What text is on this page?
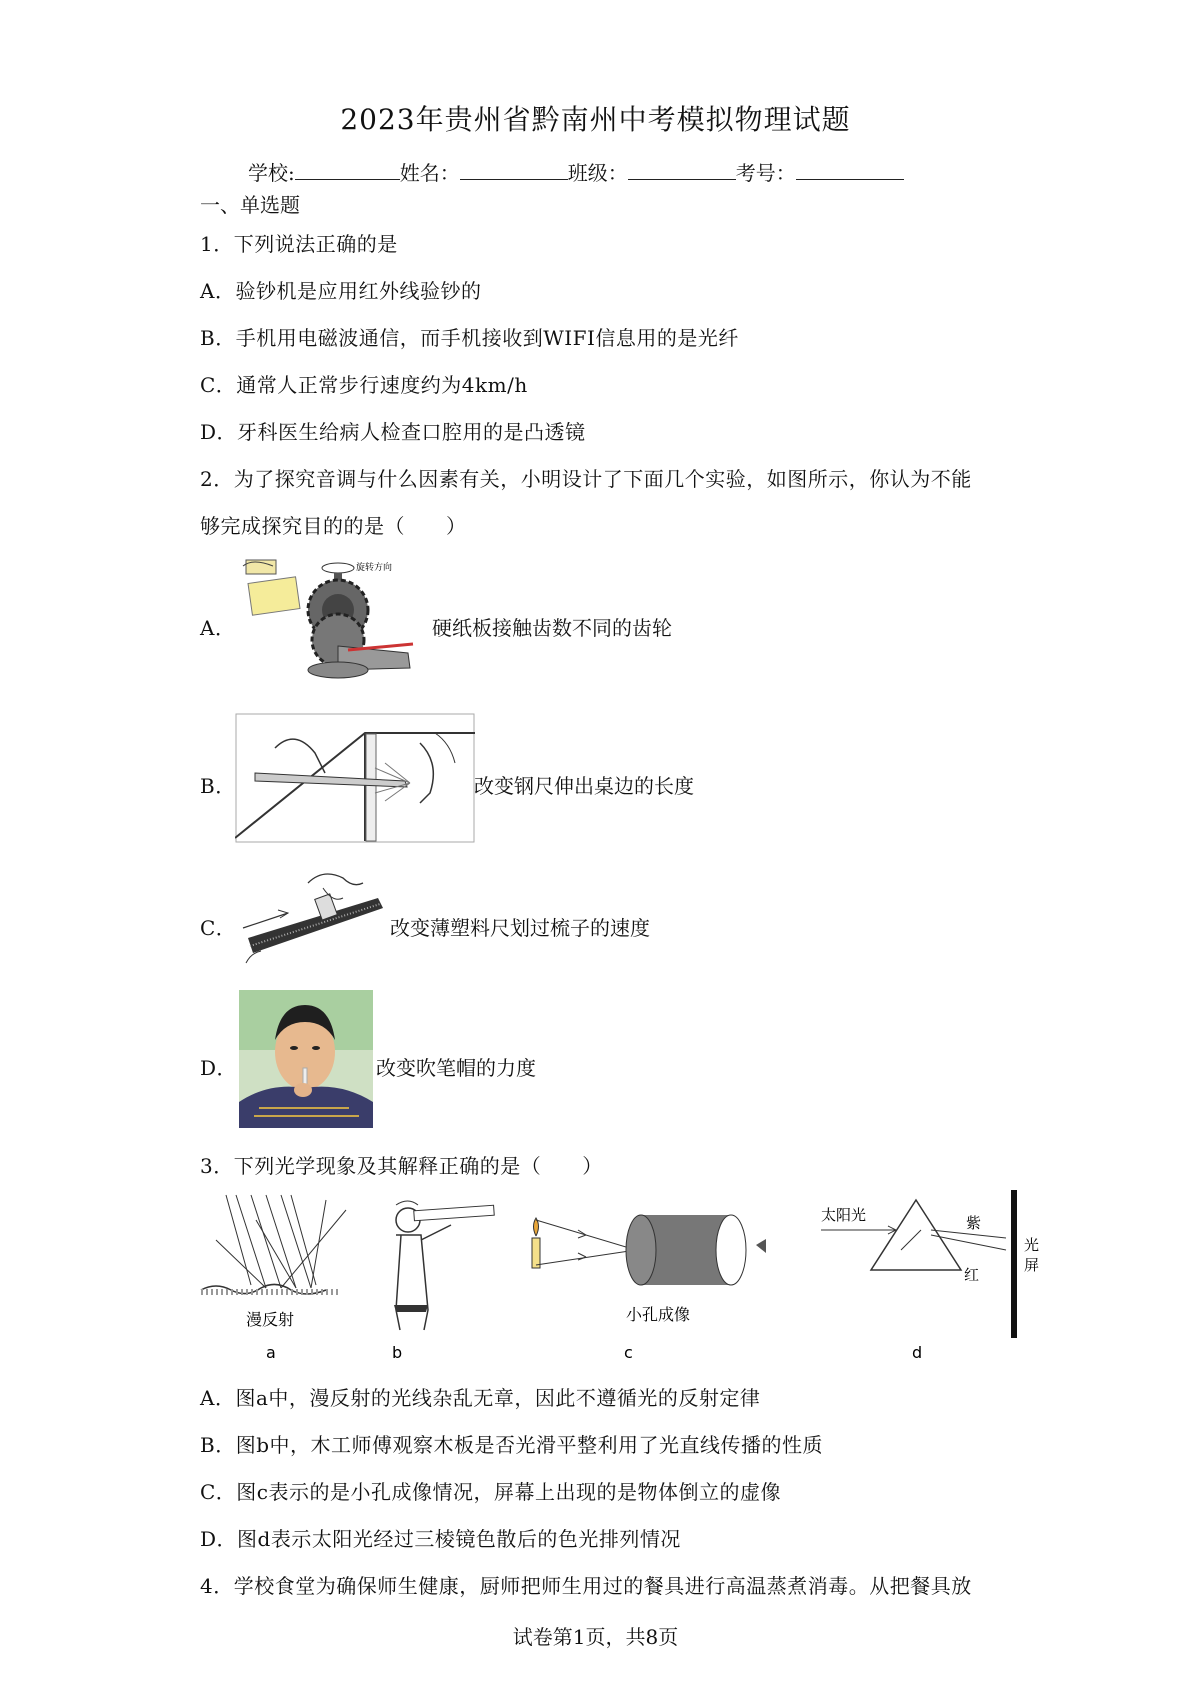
2023年贵州省黔南州中考模拟物理试题
学校:	姓名：	班级：	考号：
一、单选题
1．下列说法正确的是
A．验钞机是应用红外线验钞的
B．手机用电磁波通信，而手机接收到WIFI信息用的是光纤
C．通常人正常步行速度约为4km/h
D．牙科医生给病人检查口腔用的是凸透镜
2．为了探究音调与什么因素有关，小明设计了下面几个实验，如图所示，你认为不能
够完成探究目的的是（　　）
A．
旋转方向
硬纸板接触齿数不同的齿轮
B．	改变钢尺伸出桌边的长度
C．	改变薄塑料尺划过梳子的速度
D．	改变吹笔帽的力度
3．下列光学现象及其解释正确的是（　　）
漫反射
a	b
小孔成像
c
太阳光	紫
红
光
屏
d
A．图a中，漫反射的光线杂乱无章，因此不遵循光的反射定律
B．图b中，木工师傅观察木板是否光滑平整利用了光直线传播的性质
C．图c表示的是小孔成像情况，屏幕上出现的是物体倒立的虚像
D．图d表示太阳光经过三棱镜色散后的色光排列情况
4．学校食堂为确保师生健康，厨师把师生用过的餐具进行高温蒸煮消毒。从把餐具放
试卷第1页，共8页
